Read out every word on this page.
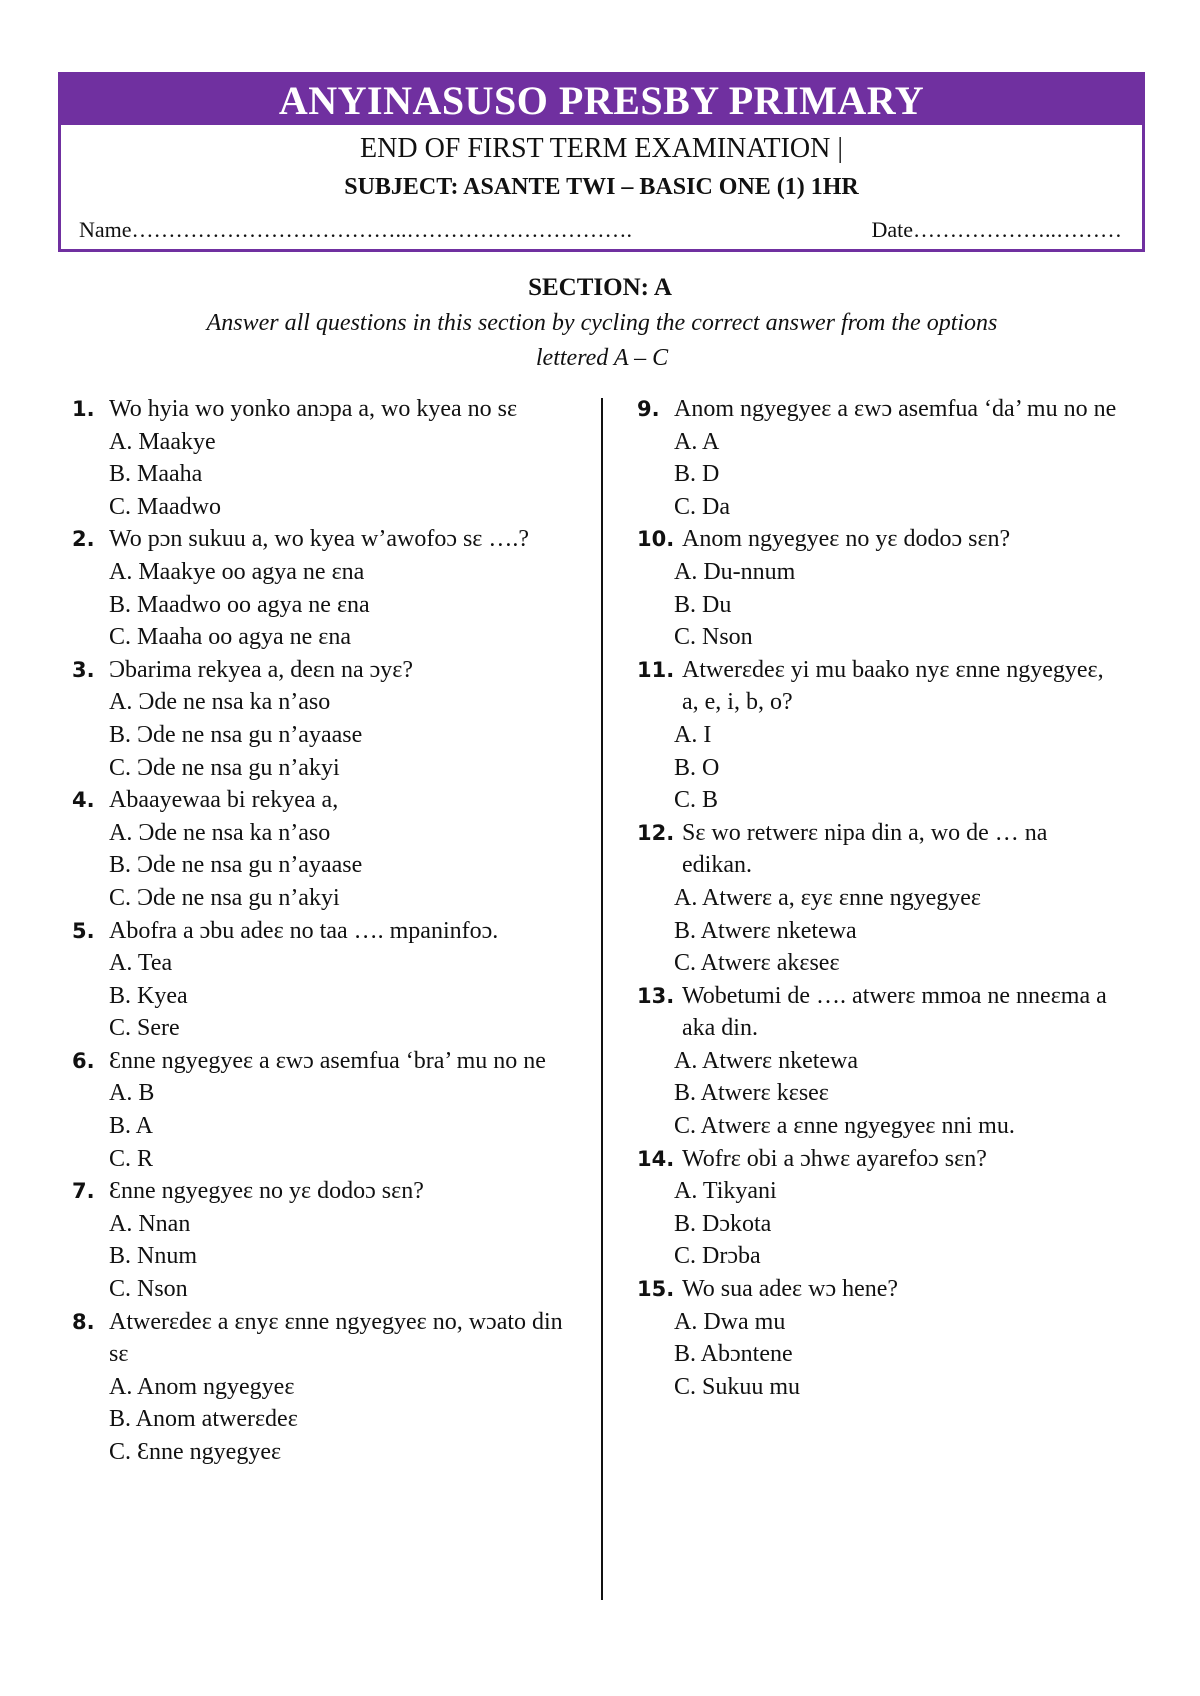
ANYINASUSO PRESBY PRIMARY
END OF FIRST TERM EXAMINATION |
SUBJECT: ASANTE TWI – BASIC ONE (1) 1HR
Name………………………………..………………………….	Date………………..………
SECTION: A
Answer all questions in this section by cycling the correct answer from the options
lettered A – C
1. Wo hyia wo yonko anɔpa a, wo kyea no sɛ
A. Maakye
B. Maaha
C. Maadwo
2. Wo pɔn sukuu a, wo kyea w’awofoɔ sɛ ….?
A. Maakye oo agya ne ɛna
B. Maadwo oo agya ne ɛna
C. Maaha oo agya ne ɛna
3. Ɔbarima rekyea a, deɛn na ɔyɛ?
A. Ɔde ne nsa ka n’aso
B. Ɔde ne nsa gu n’ayaase
C. Ɔde ne nsa gu n’akyi
4. Abaayewaa bi rekyea a,
A. Ɔde ne nsa ka n’aso
B. Ɔde ne nsa gu n’ayaase
C. Ɔde ne nsa gu n’akyi
5. Abofra a ɔbu adeɛ no taa …. mpaninfoɔ.
A. Tea
B. Kyea
C. Sere
6. Ɛnne ngyegyeɛ a ɛwɔ asemfua ‘bra’ mu no ne
A. B
B. A
C. R
7. Ɛnne ngyegyeɛ no yɛ dodoɔ sɛn?
A. Nnan
B. Nnum
C. Nson
8. Atwerɛdeɛ a ɛnyɛ ɛnne ngyegyeɛ no, wɔato din sɛ
A. Anom ngyegyeɛ
B. Anom atwerɛdeɛ
C. Ɛnne ngyegyeɛ
9. Anom ngyegyeɛ a ɛwɔ asemfua ‘da’ mu no ne
A. A
B. D
C. Da
10. Anom ngyegyeɛ no yɛ dodoɔ sɛn?
A. Du-nnum
B. Du
C. Nson
11. Atwerɛdeɛ yi mu baako nyɛ ɛnne ngyegyeɛ, a, e, i, b, o?
A. I
B. O
C. B
12. Sɛ wo retwerɛ nipa din a, wo de … na edikan.
A. Atwerɛ a, ɛyɛ ɛnne ngyegyeɛ
B. Atwerɛ nketewa
C. Atwerɛ akɛseɛ
13. Wobetumi de …. atwerɛ mmoa ne nneɛma a aka din.
A. Atwerɛ nketewa
B. Atwerɛ kɛseɛ
C. Atwerɛ a ɛnne ngyegyeɛ nni mu.
14. Wofrɛ obi a ɔhwɛ ayarefoɔ sɛn?
A. Tikyani
B. Dɔkota
C. Drɔba
15. Wo sua adeɛ wɔ hene?
A. Dwa mu
B. Abɔntene
C. Sukuu mu
